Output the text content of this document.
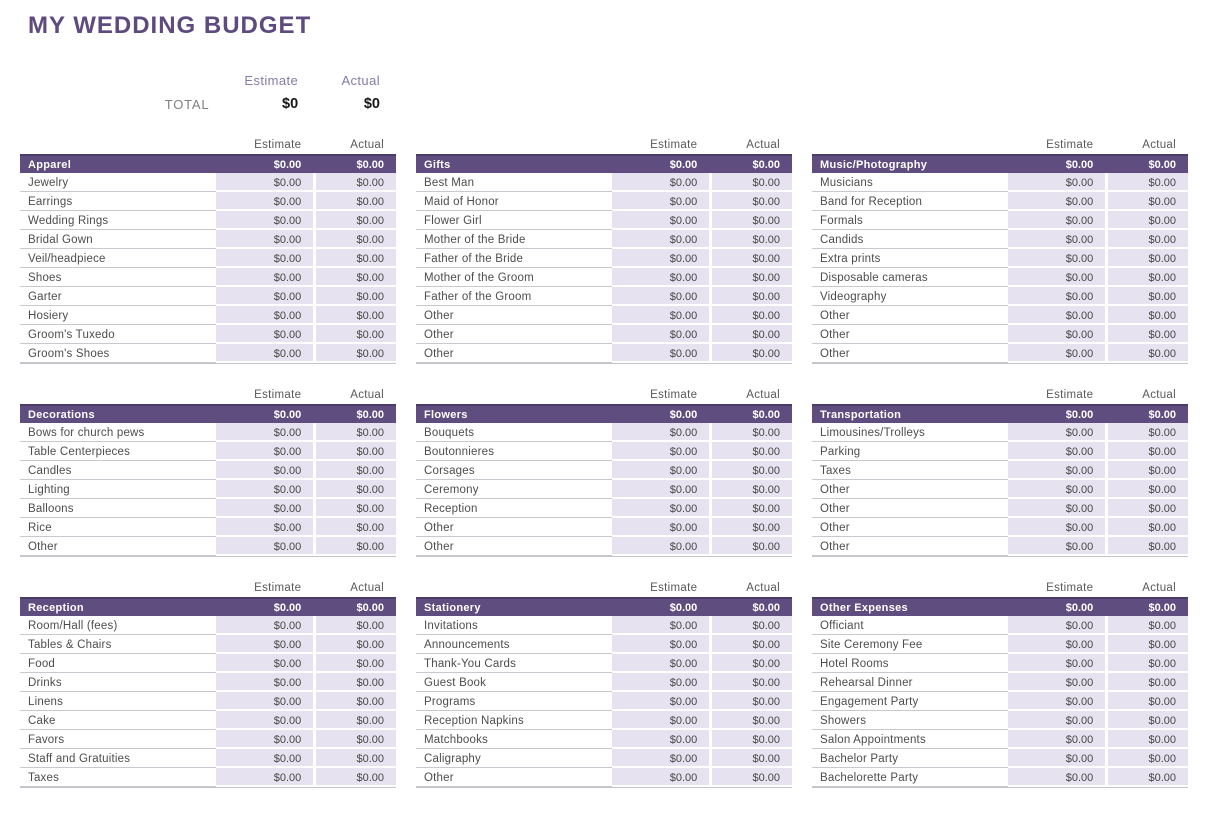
MY WEDDING BUDGET
Estimate	Actual
TOTAL	$0	$0
Estimate	Actual
Apparel	$0.00	$0.00
Jewelry	$0.00	$0.00
Earrings	$0.00	$0.00
Wedding Rings	$0.00	$0.00
Bridal Gown	$0.00	$0.00
Veil/headpiece	$0.00	$0.00
Shoes	$0.00	$0.00
Garter	$0.00	$0.00
Hosiery	$0.00	$0.00
Groom's Tuxedo	$0.00	$0.00
Groom's Shoes	$0.00	$0.00
Estimate	Actual
Gifts	$0.00	$0.00
Best Man	$0.00	$0.00
Maid of Honor	$0.00	$0.00
Flower Girl	$0.00	$0.00
Mother of the Bride	$0.00	$0.00
Father of the Bride	$0.00	$0.00
Mother of the Groom	$0.00	$0.00
Father of the Groom	$0.00	$0.00
Other	$0.00	$0.00
Other	$0.00	$0.00
Other	$0.00	$0.00
Estimate	Actual
Music/Photography	$0.00	$0.00
Musicians	$0.00	$0.00
Band for Reception	$0.00	$0.00
Formals	$0.00	$0.00
Candids	$0.00	$0.00
Extra prints	$0.00	$0.00
Disposable cameras	$0.00	$0.00
Videography	$0.00	$0.00
Other	$0.00	$0.00
Other	$0.00	$0.00
Other	$0.00	$0.00
Estimate	Actual
Decorations	$0.00	$0.00
Bows for church pews	$0.00	$0.00
Table Centerpieces	$0.00	$0.00
Candles	$0.00	$0.00
Lighting	$0.00	$0.00
Balloons	$0.00	$0.00
Rice	$0.00	$0.00
Other	$0.00	$0.00
Estimate	Actual
Flowers	$0.00	$0.00
Bouquets	$0.00	$0.00
Boutonnieres	$0.00	$0.00
Corsages	$0.00	$0.00
Ceremony	$0.00	$0.00
Reception	$0.00	$0.00
Other	$0.00	$0.00
Other	$0.00	$0.00
Estimate	Actual
Transportation	$0.00	$0.00
Limousines/Trolleys	$0.00	$0.00
Parking	$0.00	$0.00
Taxes	$0.00	$0.00
Other	$0.00	$0.00
Other	$0.00	$0.00
Other	$0.00	$0.00
Other	$0.00	$0.00
Estimate	Actual
Reception	$0.00	$0.00
Room/Hall (fees)	$0.00	$0.00
Tables & Chairs	$0.00	$0.00
Food	$0.00	$0.00
Drinks	$0.00	$0.00
Linens	$0.00	$0.00
Cake	$0.00	$0.00
Favors	$0.00	$0.00
Staff and Gratuities	$0.00	$0.00
Taxes	$0.00	$0.00
Estimate	Actual
Stationery	$0.00	$0.00
Invitations	$0.00	$0.00
Announcements	$0.00	$0.00
Thank-You Cards	$0.00	$0.00
Guest Book	$0.00	$0.00
Programs	$0.00	$0.00
Reception Napkins	$0.00	$0.00
Matchbooks	$0.00	$0.00
Caligraphy	$0.00	$0.00
Other	$0.00	$0.00
Estimate	Actual
Other Expenses	$0.00	$0.00
Officiant	$0.00	$0.00
Site Ceremony Fee	$0.00	$0.00
Hotel Rooms	$0.00	$0.00
Rehearsal Dinner	$0.00	$0.00
Engagement Party	$0.00	$0.00
Showers	$0.00	$0.00
Salon Appointments	$0.00	$0.00
Bachelor Party	$0.00	$0.00
Bachelorette Party	$0.00	$0.00
